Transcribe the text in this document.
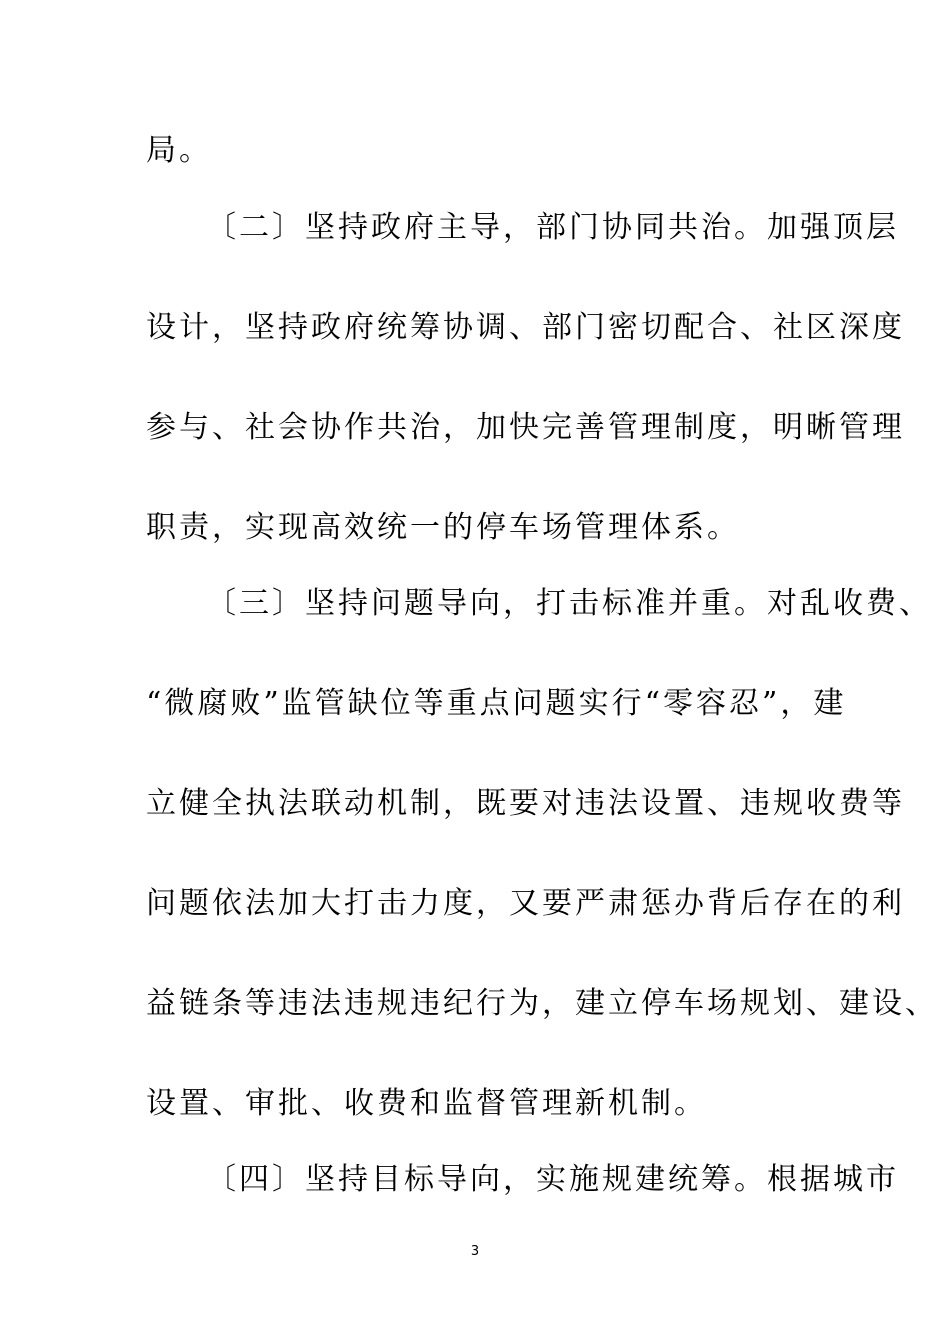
局。
〔二〕坚持政府主导，部门协同共治。加强顶层
设计，坚持政府统筹协调、部门密切配合、社区深度
参与、社会协作共治，加快完善管理制度，明晰管理
职责，实现高效统一的停车场管理体系。
〔三〕坚持问题导向，打击标准并重。对乱收费、
“微腐败”监管缺位等重点问题实行“零容忍”，建
立健全执法联动机制，既要对违法设置、违规收费等
问题依法加大打击力度，又要严肃惩办背后存在的利
益链条等违法违规违纪行为，建立停车场规划、建设、
设置、审批、收费和监督管理新机制。
〔四〕坚持目标导向，实施规建统筹。根据城市
3
